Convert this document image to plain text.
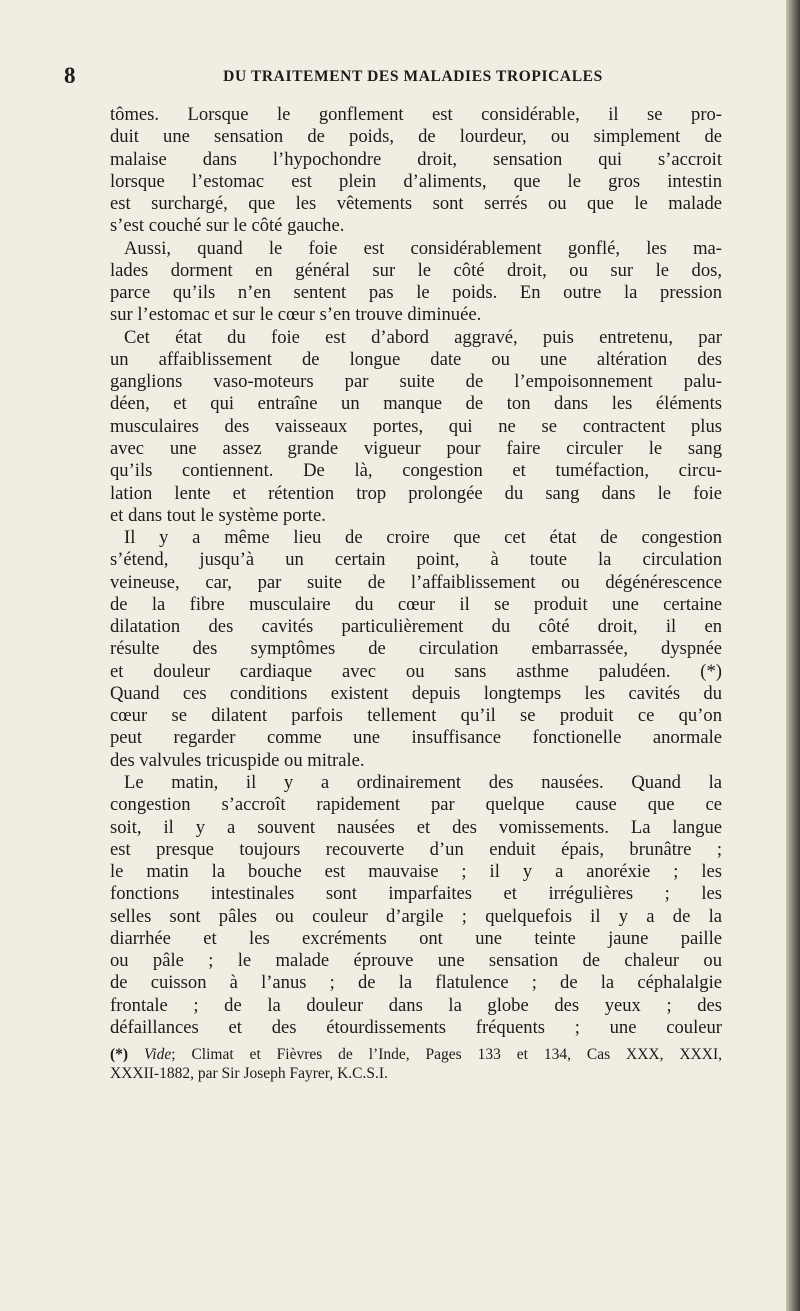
8	DU TRAITEMENT DES MALADIES TROPICALES
tômes. Lorsque le gonflement est considérable, il se pro-
duit une sensation de poids, de lourdeur, ou simplement de
malaise dans l’hypochondre droit, sensation qui s’accroit
lorsque l’estomac est plein d’aliments, que le gros intestin
est surchargé, que les vêtements sont serrés ou que le malade
s’est couché sur le côté gauche.
Aussi, quand le foie est considérablement gonflé, les ma-
lades dorment en général sur le côté droit, ou sur le dos,
parce qu’ils n’en sentent pas le poids. En outre la pression
sur l’estomac et sur le cœur s’en trouve diminuée.
Cet état du foie est d’abord aggravé, puis entretenu, par
un affaiblissement de longue date ou une altération des
ganglions vaso-moteurs par suite de l’empoisonnement palu-
déen, et qui entraîne un manque de ton dans les éléments
musculaires des vaisseaux portes, qui ne se contractent plus
avec une assez grande vigueur pour faire circuler le sang
qu’ils contiennent. De là, congestion et tuméfaction, circu-
lation lente et rétention trop prolongée du sang dans le foie
et dans tout le système porte.
Il y a même lieu de croire que cet état de congestion
s’étend, jusqu’à un certain point, à toute la circulation
veineuse, car, par suite de l’affaiblissement ou dégénérescence
de la fibre musculaire du cœur il se produit une certaine
dilatation des cavités particulièrement du côté droit, il en
résulte des symptômes de circulation embarrassée, dyspnée
et douleur cardiaque avec ou sans asthme paludéen. (*)
Quand ces conditions existent depuis longtemps les cavités du
cœur se dilatent parfois tellement qu’il se produit ce qu’on
peut regarder comme une insuffisance fonctionelle anormale
des valvules tricuspide ou mitrale.
Le matin, il y a ordinairement des nausées. Quand la
congestion s’accroît rapidement par quelque cause que ce
soit, il y a souvent nausées et des vomissements. La langue
est presque toujours recouverte d’un enduit épais, brunâtre ;
le matin la bouche est mauvaise ; il y a anoréxie ; les
fonctions intestinales sont imparfaites et irrégulières ; les
selles sont pâles ou couleur d’argile ; quelquefois il y a de la
diarrhée et les excréments ont une teinte jaune paille
ou pâle ; le malade éprouve une sensation de chaleur ou
de cuisson à l’anus ; de la flatulence ; de la céphalalgie
frontale ; de la douleur dans la globe des yeux ; des
défaillances et des étourdissements fréquents ; une couleur
(*) Vide; Climat et Fièvres de l’Inde, Pages 133 et 134, Cas XXX, XXXI,
XXXII-1882, par Sir Joseph Fayrer, K.C.S.I.
